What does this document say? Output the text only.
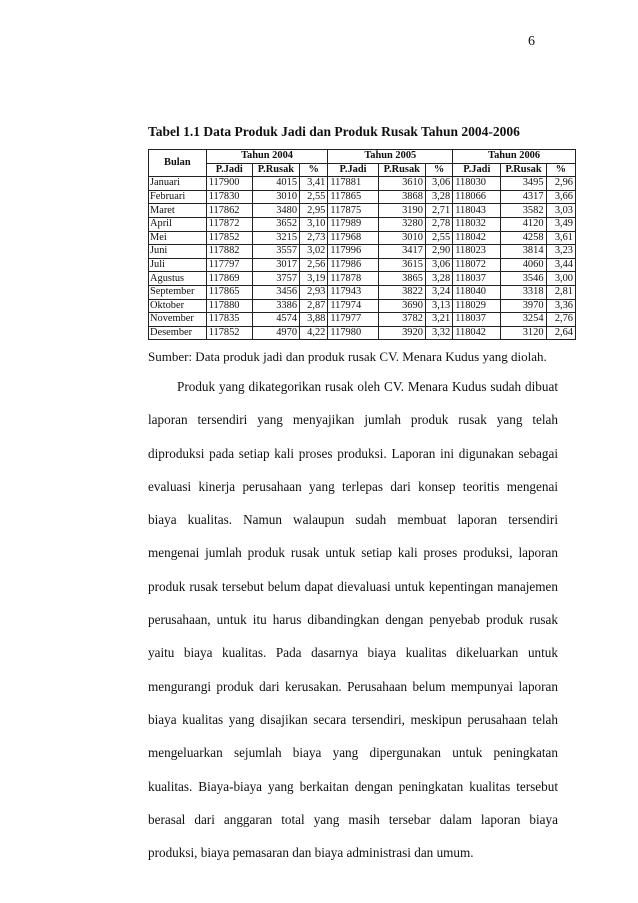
6
Tabel 1.1 Data Produk Jadi dan Produk Rusak Tahun 2004-2006
Bulan	Tahun 2004			Tahun 2005			Tahun 2006		
	P.Jadi	P.Rusak	%	P.Jadi	P.Rusak	%	P.Jadi	P.Rusak	%
Januari	117900	4015	3,41	117881	3610	3,06	118030	3495	2,96
Februari	117830	3010	2,55	117865	3868	3,28	118066	4317	3,66
Maret	117862	3480	2,95	117875	3190	2,71	118043	3582	3,03
April	117872	3652	3,10	117989	3280	2,78	118032	4120	3,49
Mei	117852	3215	2,73	117968	3010	2,55	118042	4258	3,61
Juni	117882	3557	3,02	117996	3417	2,90	118023	3814	3,23
Juli	117797	3017	2,56	117986	3615	3,06	118072	4060	3,44
Agustus	117869	3757	3,19	117878	3865	3,28	118037	3546	3,00
September	117865	3456	2,93	117943	3822	3,24	118040	3318	2,81
Oktober	117880	3386	2,87	117974	3690	3,13	118029	3970	3,36
November	117835	4574	3,88	117977	3782	3,21	118037	3254	2,76
Desember	117852	4970	4,22	117980	3920	3,32	118042	3120	2,64
Sumber: Data produk jadi dan produk rusak CV. Menara Kudus yang diolah.
Produk yang dikategorikan rusak oleh CV. Menara Kudus sudah dibuat
laporan tersendiri yang menyajikan jumlah produk rusak yang telah
diproduksi pada setiap kali proses produksi. Laporan ini digunakan sebagai
evaluasi kinerja perusahaan yang terlepas dari konsep teoritis mengenai
biaya kualitas. Namun walaupun sudah membuat laporan tersendiri
mengenai jumlah produk rusak untuk setiap kali proses produksi, laporan
produk rusak tersebut belum dapat dievaluasi untuk kepentingan manajemen
perusahaan, untuk itu harus dibandingkan dengan penyebab produk rusak
yaitu biaya kualitas. Pada dasarnya biaya kualitas dikeluarkan untuk
mengurangi produk dari kerusakan. Perusahaan belum mempunyai laporan
biaya kualitas yang disajikan secara tersendiri, meskipun perusahaan telah
mengeluarkan sejumlah biaya yang dipergunakan untuk peningkatan
kualitas. Biaya-biaya yang berkaitan dengan peningkatan kualitas tersebut
berasal dari anggaran total yang masih tersebar dalam laporan biaya
produksi, biaya pemasaran dan biaya administrasi dan umum.
